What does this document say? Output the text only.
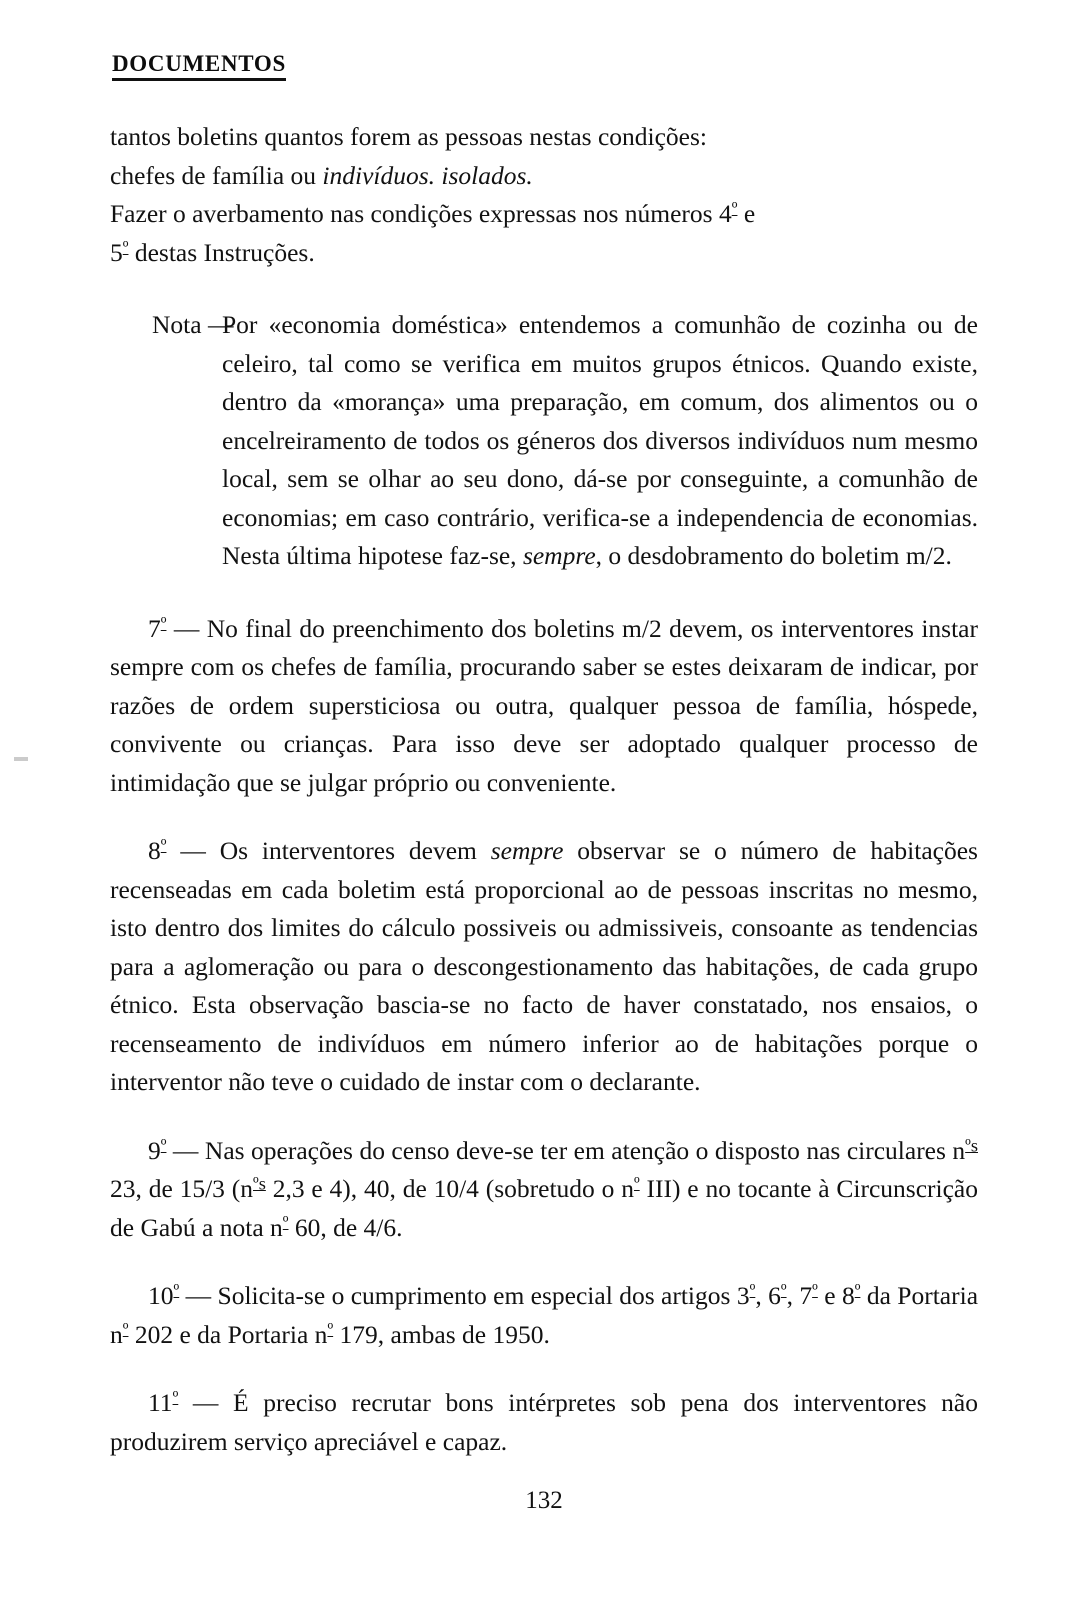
DOCUMENTOS

tantos boletins quantos forem as pessoas nestas condições:
chefes de família ou indivíduos. isolados.
Fazer o averbamento nas condições expressas nos números $4^º$ e
$5^º$ destas Instruções.

Nota —
Por «economia doméstica» entendemos a comunhão de cozinha ou de celeiro, tal como se verifica em muitos grupos étnicos. Quando existe, dentro da «morança» uma preparação, em comum, dos alimentos ou o encelreiramento de todos os géneros dos diversos indivíduos num mesmo local, sem se olhar ao seu dono, dá-se por conseguinte, a comunhão de economias; em caso contrário, verifica-se a independencia de economias. Nesta última hipotese faz-se, sempre, o desdobramento do boletim m/2.

$7^º$ — No final do preenchimento dos boletins m/2 devem, os interventores instar sempre com os chefes de família, procurando saber se estes deixaram de indicar, por razões de ordem supersticiosa ou outra, qualquer pessoa de família, hóspede, convivente ou crianças. Para isso deve ser adoptado qualquer processo de intimidação que se julgar próprio ou conveniente.

$8^º$ — Os interventores devem sempre observar se o número de habitações recenseadas em cada boletim está proporcional ao de pessoas inscritas no mesmo, isto dentro dos limites do cálculo possiveis ou admissiveis, consoante as tendencias para a aglomeração ou para o descongestionamento das habitações, de cada grupo étnico. Esta observação bascia-se no facto de haver constatado, nos ensaios, o recenseamento de indivíduos em número inferior ao de habitações porque o interventor não teve o cuidado de instar com o declarante.

$9^º$ — Nas operações do censo deve-se ter em atenção o disposto nas circulares $n^{ºs}$ 23, de 15/3 ($n^{ºs}$ 2,3 e 4), 40, de 10/4 (sobretudo o $n^º$ III) e no tocante à Circunscrição de Gabú a nota $n^º$ 60, de 4/6.

$10^º$ — Solicita-se o cumprimento em especial dos artigos $3^º$, $6^º$, $7^º$ e $8^º$ da Portaria $n^º$ 202 e da Portaria $n^º$ 179, ambas de 1950.

$11^º$ — É preciso recrutar bons intérpretes sob pena dos interventores não produzirem serviço apreciável e capaz.

132
